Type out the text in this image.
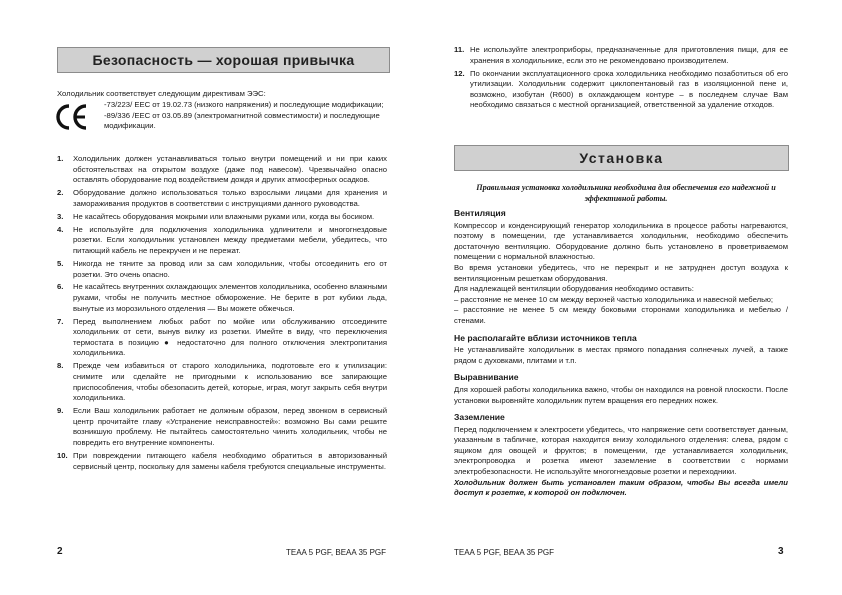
Безопасность — хорошая привычка
Холодильник соответствует следующим директивам ЭЭС:
-73/223/ EEC от 19.02.73 (низкого напряжения) и последующие модификации;
-89/336 /EEC от 03.05.89 (электромагнитной совместимости) и последующие модификации.
1. Холодильник должен устанавливаться только внутри помещений и ни при каких обстоятельствах на открытом воздухе (даже под навесом). Чрезвычайно опасно оставлять оборудование под воздействием дождя и других атмосферных осадков.
2. Оборудование должно использоваться только взрослыми лицами для хранения и замораживания продуктов в соответствии с инструкциями данного руководства.
3. Не касайтесь оборудования мокрыми или влажными руками или, когда вы босиком.
4. Не используйте для подключения холодильника удлинители и многогнездовые розетки. Если холодильник установлен между предметами мебели, убедитесь, что питающий кабель не перекручен и не пережат.
5. Никогда не тяните за провод или за сам холодильник, чтобы отсоединить его от розетки. Это очень опасно.
6. Не касайтесь внутренних охлаждающих элементов холодильника, особенно влажными руками, чтобы не получить местное обморожение. Не берите в рот кубики льда, вынутые из морозильного отделения — Вы можете обжечься.
7. Перед выполнением любых работ по мойке или обслуживанию отсоедините холодильник от сети, вынув вилку из розетки. Имейте в виду, что переключения термостата в позицию ● недостаточно для полного отключения электропитания холодильника.
8. Прежде чем избавиться от старого холодильника, подготовьте его к утилизации: снимите или сделайте не пригодными к использованию все запирающие приспособления, чтобы обезопасить детей, которые, играя, могут закрыть себя внутри холодильника.
9. Если Ваш холодильник работает не должным образом, перед звонком в сервисный центр прочитайте главу «Устранение неисправностей»: возможно Вы сами решите возникшую проблему. Не пытайтесь самостоятельно чинить холодильник, чтобы не повредить его внутренние компоненты.
10. При повреждении питающего кабеля необходимо обратиться в авторизованный сервисный центр, поскольку для замены кабеля требуются специальные инструменты.
2	TEAA 5 PGF, BEAA 35 PGF
11. Не используйте электроприборы, предназначенные для приготовления пищи, для ее хранения в холодильнике, если это не рекомендовано производителем.
12. По окончании эксплуатационного срока холодильника необходимо позаботиться об его утилизации. Холодильник содержит циклопентановый газ в изоляционной пене и, возможно, изобутан (R600) в охлаждающем контуре – в последнем случае Вам необходимо связаться с местной организацией, ответственной за удаление отходов.
Установка
Правильная установка холодильника необходима для обеспечения его надежной и эффективной работы.
Вентиляция
Компрессор и конденсирующий генератор холодильника в процессе работы нагреваются, поэтому в помещении, где устанавливается холодильник, необходимо обеспечить достаточную вентиляцию. Оборудование должно быть установлено в проветриваемом помещении с нормальной влажностью.
Во время установки убедитесь, что не перекрыт и не затруднен доступ воздуха к вентиляционным решеткам оборудования.
Для надлежащей вентиляции оборудования необходимо оставить:
– расстояние не менее 10 см между верхней частью холодильника и навесной мебелью;
– расстояние не менее 5 см между боковыми сторонами холодильника и мебелью / стенами.
Не располагайте вблизи источников тепла
Не устанавливайте холодильник в местах прямого попадания солнечных лучей, а также рядом с духовками, плитами и т.п.
Выравнивание
Для хорошей работы холодильника важно, чтобы он находился на ровной плоскости. После установки выровняйте холодильник путем вращения его передних ножек.
Заземление
Перед подключением к электросети убедитесь, что напряжение сети соответствует данным, указанным в табличке, которая находится внизу холодильного отделения: слева, рядом с ящиком для овощей и фруктов; в помещении, где устанавливается холодильник, электропроводка и розетка имеют заземление в соответствии с нормами электробезопасности. Не используйте многогнездовые розетки и переходники.
Холодильник должен быть установлен таким образом, чтобы Вы всегда имели доступ к розетке, к которой он подключен.
TEAA 5 PGF, BEAA 35 PGF	3
